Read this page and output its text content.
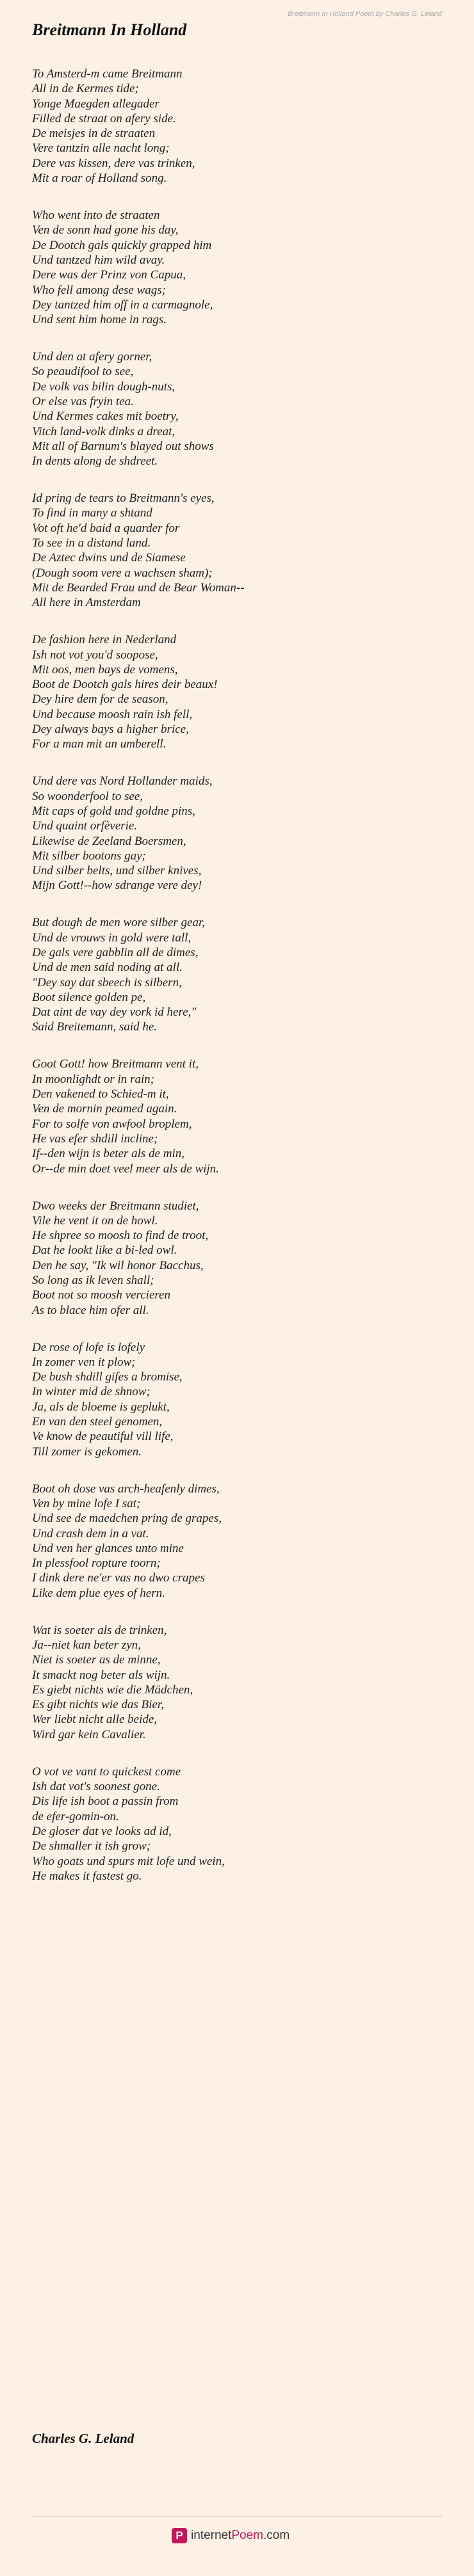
Breitmann In Holland Poem by Charles G. Leland
Breitmann In Holland
To Amsterd-m came Breitmann
All in de Kermes tide;
Yonge Maegden allegader
Filled de straat on afery side.
De meisjes in de straaten
Vere tantzin alle nacht long;
Dere vas kissen, dere vas trinken,
Mit a roar of Holland song.
Who went into de straaten
Ven de sonn had gone his day,
De Dootch gals quickly grapped him
Und tantzed him wild avay.
Dere was der Prinz von Capua,
Who fell among dese wags;
Dey tantzed him off in a carmagnole,
Und sent him home in rags.
Und den at afery gorner,
So peaudifool to see,
De volk vas bilin dough-nuts,
Or else vas fryin tea.
Und Kermes cakes mit boetry,
Vitch land-volk dinks a dreat,
Mit all of Barnum's blayed out shows
In dents along de shdreet.
Id pring de tears to Breitmann's eyes,
To find in many a shtand
Vot oft he'd baid a quarder for
To see in a distand land.
De Aztec dwins und de Siamese
(Dough soom vere a wachsen sham);
Mit de Bearded Frau und de Bear Woman--
All here in Amsterdam
De fashion here in Nederland
Ish not vot you'd soopose,
Mit oos, men bays de vomens,
Boot de Dootch gals hires deir beaux!
Dey hire dem for de season,
Und because moosh rain ish fell,
Dey always bays a higher brice,
For a man mit an umberell.
Und dere vas Nord Hollander maids,
So woonderfool to see,
Mit caps of gold und goldne pins,
Und quaint orfèverie.
Likewise de Zeeland Boersmen,
Mit silber bootons gay;
Und silber belts, und silber knives,
Mijn Gott!--how sdrange vere dey!
But dough de men wore silber gear,
Und de vrouws in gold were tall,
De gals vere gabblin all de dimes,
Und de men said noding at all.
"Dey say dat sbeech is silbern,
Boot silence golden pe,
Dat aint de vay dey vork id here,"
Said Breitemann, said he.
Goot Gott! how Breitmann vent it,
In moonlighdt or in rain;
Den vakened to Schied-m it,
Ven de mornin peamed again.
For to solfe von awfool broplem,
He vas efer shdill incline;
If--den wijn is beter als de min,
Or--de min doet veel meer als de wijn.
Dwo weeks der Breitmann studiet,
Vile he vent it on de howl.
He shpree so moosh to find de troot,
Dat he lookt like a bi-led owl.
Den he say, "Ik wil honor Bacchus,
So long as ik leven shall;
Boot not so moosh vercieren
As to blace him ofer all.
De rose of lofe is lofely
In zomer ven it plow;
De bush shdill gifes a bromise,
In winter mid de shnow;
Ja, als de bloeme is geplukt,
En van den steel genomen,
Ve know de peautiful vill life,
Till zomer is gekomen.
Boot oh dose vas arch-heafenly dimes,
Ven by mine lofe I sat;
Und see de maedchen pring de grapes,
Und crash dem in a vat.
Und ven her glances unto mine
In plessfool ropture toorn;
I dink dere ne'er vas no dwo crapes
Like dem plue eyes of hern.
Wat is soeter als de trinken,
Ja--niet kan beter zyn,
Niet is soeter as de minne,
It smackt nog beter als wijn.
Es giebt nichts wie die Mädchen,
Es gibt nichts wie das Bier,
Wer liebt nicht alle beide,
Wird gar kein Cavalier.
O vot ve vant to quickest come
Ish dat vot's soonest gone.
Dis life ish boot a passin from
de efer-gomin-on.
De gloser dat ve looks ad id,
De shmaller it ish grow;
Who goats und spurs mit lofe und wein,
He makes it fastest go.
Charles G. Leland
P internet Poem .com
